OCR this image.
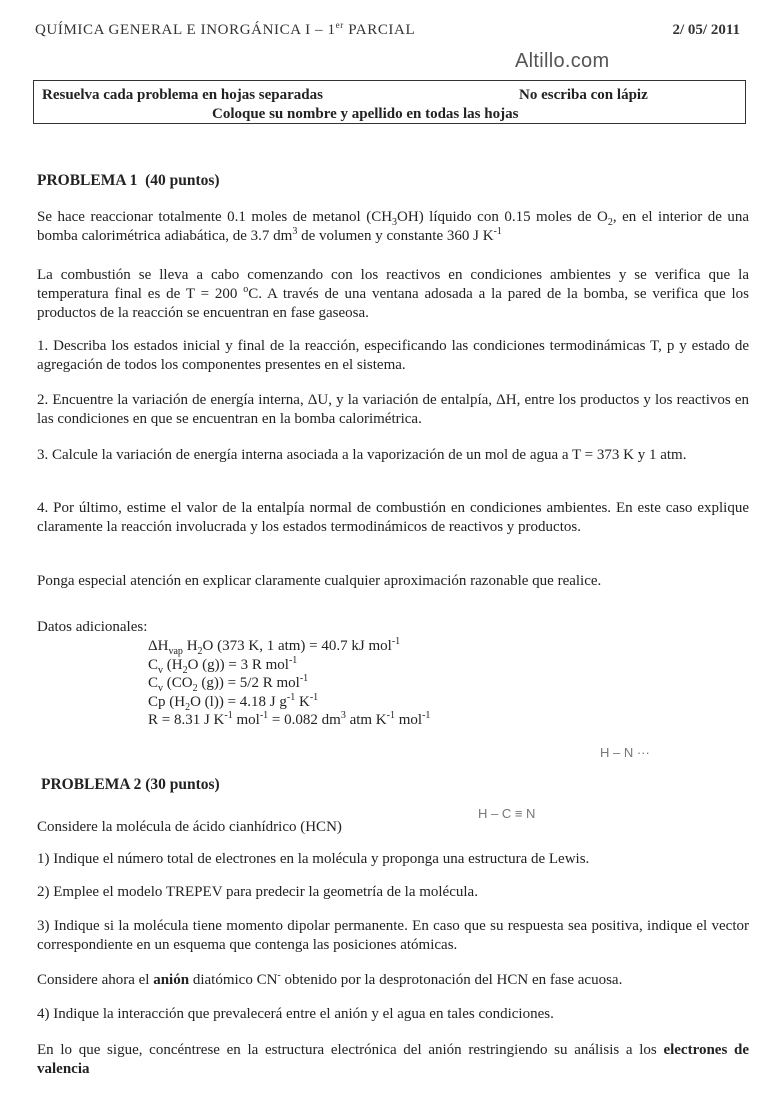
QUÍMICA GENERAL E INORGÁNICA I – 1er PARCIAL	2/ 05/ 2011
Altillo.com
Resuelva cada problema en hojas separadas	No escriba con lápiz
Coloque su nombre y apellido en todas las hojas
PROBLEMA 1 (40 puntos)
Se hace reaccionar totalmente 0.1 moles de metanol $(CH_3OH)$ líquido con 0.15 moles de $O_2$, en el interior de una bomba calorimétrica adiabática, de 3.7 $dm^3$ de volumen y constante 360 J $K^{-1}$
La combustión se lleva a cabo comenzando con los reactivos en condiciones ambientes y se verifica que la temperatura final es de T = 200 $^o$C. A través de una ventana adosada a la pared de la bomba, se verifica que los productos de la reacción se encuentran en fase gaseosa.
1. Describa los estados inicial y final de la reacción, especificando las condiciones termodinámicas T, p y estado de agregación de todos los componentes presentes en el sistema.
2. Encuentre la variación de energía interna, ΔU, y la variación de entalpía, ΔH, entre los productos y los reactivos en las condiciones en que se encuentran en la bomba calorimétrica.
3. Calcule la variación de energía interna asociada a la vaporización de un mol de agua a T = 373 K y 1 atm.
4. Por último, estime el valor de la entalpía normal de combustión en condiciones ambientes. En este caso explique claramente la reacción involucrada y los estados termodinámicos de reactivos y productos.
Ponga especial atención en explicar claramente cualquier aproximación razonable que realice.
Datos adicionales:
$\Delta H_{vap}$ $H_2O$ (373 K, 1 atm) = 40.7 kJ mol$^{-1}$
$C_v$ ($H_2O$ (g)) = 3 R mol$^{-1}$
$C_v$ ($CO_2$ (g)) = 5/2 R mol$^{-1}$
Cp ($H_2O$ (l)) = 4.18 J $g^{-1}$ $K^{-1}$
R = 8.31 J $K^{-1}$ mol$^{-1}$ = 0.082 $dm^3$ atm $K^{-1}$ mol$^{-1}$
H – N ···
H – C ≡ N
PROBLEMA 2 (30 puntos)
Considere la molécula de ácido cianhídrico (HCN)
1) Indique el número total de electrones en la molécula y proponga una estructura de Lewis.
2) Emplee el modelo TREPEV para predecir la geometría de la molécula.
3) Indique si la molécula tiene momento dipolar permanente. En caso que su respuesta sea positiva, indique el vector correspondiente en un esquema que contenga las posiciones atómicas.
Considere ahora el anión diatómico CN- obtenido por la desprotonación del HCN en fase acuosa.
4) Indique la interacción que prevalecerá entre el anión y el agua en tales condiciones.
En lo que sigue, concéntrese en la estructura electrónica del anión restringiendo su análisis a los electrones de valencia
